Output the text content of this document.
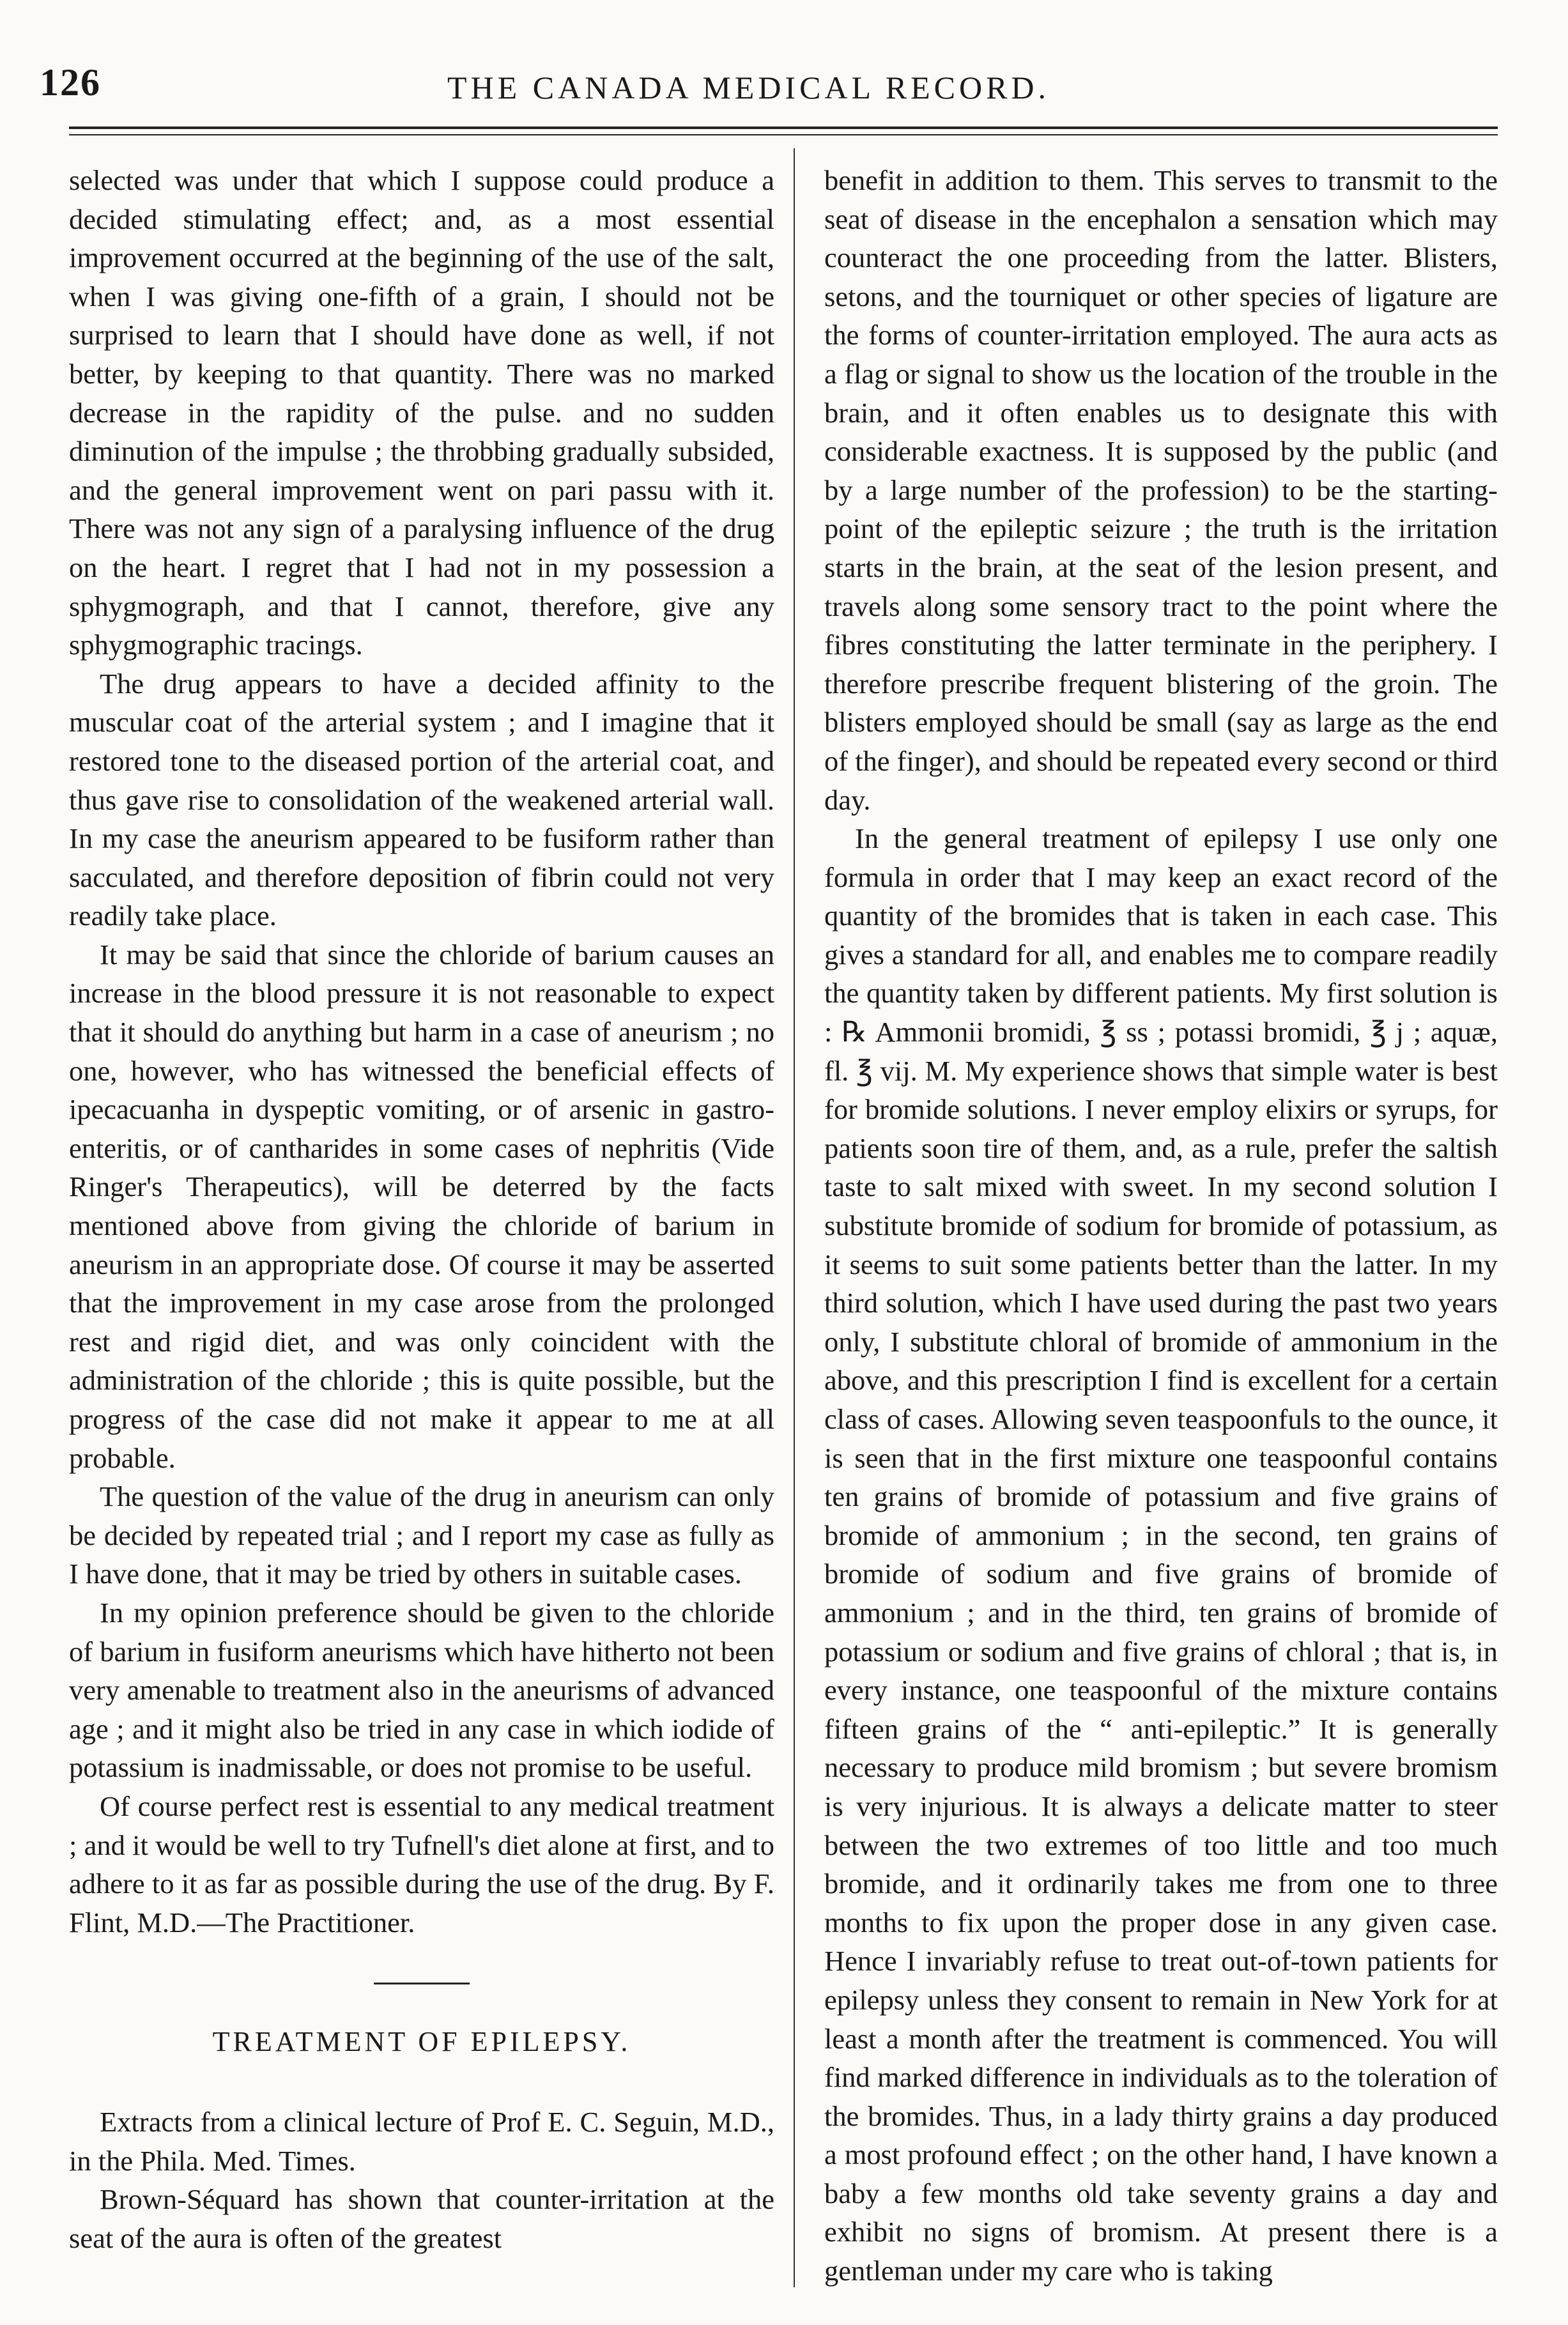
126	THE CANADA MEDICAL RECORD.

selected was under that which I suppose could produce a decided stimulating effect; and, as a most essential improvement occurred at the beginning of the use of the salt, when I was giving one-fifth of a grain, I should not be surprised to learn that I should have done as well, if not better, by keeping to that quantity. There was no marked decrease in the rapidity of the pulse. and no sudden diminution of the impulse ; the throbbing gradually subsided, and the general improvement went on pari passu with it. There was not any sign of a paralysing influence of the drug on the heart. I regret that I had not in my possession a sphygmograph, and that I cannot, therefore, give any sphygmographic tracings.

The drug appears to have a decided affinity to the muscular coat of the arterial system ; and I imagine that it restored tone to the diseased portion of the arterial coat, and thus gave rise to consolidation of the weakened arterial wall. In my case the aneurism appeared to be fusiform rather than sacculated, and therefore deposition of fibrin could not very readily take place.

It may be said that since the chloride of barium causes an increase in the blood pressure it is not reasonable to expect that it should do anything but harm in a case of aneurism ; no one, however, who has witnessed the beneficial effects of ipecacuanha in dyspeptic vomiting, or of arsenic in gastro-enteritis, or of cantharides in some cases of nephritis (Vide Ringer's Therapeutics), will be deterred by the facts mentioned above from giving the chloride of barium in aneurism in an appropriate dose. Of course it may be asserted that the improvement in my case arose from the prolonged rest and rigid diet, and was only coincident with the administration of the chloride ; this is quite possible, but the progress of the case did not make it appear to me at all probable.

The question of the value of the drug in aneurism can only be decided by repeated trial ; and I report my case as fully as I have done, that it may be tried by others in suitable cases.

In my opinion preference should be given to the chloride of barium in fusiform aneurisms which have hitherto not been very amenable to treatment also in the aneurisms of advanced age ; and it might also be tried in any case in which iodide of potassium is inadmissable, or does not promise to be useful.

Of course perfect rest is essential to any medical treatment ; and it would be well to try Tufnell's diet alone at first, and to adhere to it as far as possible during the use of the drug. By F. Flint, M.D.—The Practitioner.

TREATMENT OF EPILEPSY.

Extracts from a clinical lecture of Prof E. C. Seguin, M.D., in the Phila. Med. Times.

Brown-Séquard has shown that counter-irritation at the seat of the aura is often of the greatest

benefit in addition to them. This serves to transmit to the seat of disease in the encephalon a sensation which may counteract the one proceeding from the latter. Blisters, setons, and the tourniquet or other species of ligature are the forms of counter-irritation employed. The aura acts as a flag or signal to show us the location of the trouble in the brain, and it often enables us to designate this with considerable exactness. It is supposed by the public (and by a large number of the profession) to be the starting-point of the epileptic seizure ; the truth is the irritation starts in the brain, at the seat of the lesion present, and travels along some sensory tract to the point where the fibres constituting the latter terminate in the periphery. I therefore prescribe frequent blistering of the groin. The blisters employed should be small (say as large as the end of the finger), and should be repeated every second or third day.

In the general treatment of epilepsy I use only one formula in order that I may keep an exact record of the quantity of the bromides that is taken in each case. This gives a standard for all, and enables me to compare readily the quantity taken by different patients. My first solution is : ℞ Ammonii bromidi, ℥ ss ; potassi bromidi, ℥ j ; aquæ, fl. ℥ vij. M. My experience shows that simple water is best for bromide solutions. I never employ elixirs or syrups, for patients soon tire of them, and, as a rule, prefer the saltish taste to salt mixed with sweet. In my second solution I substitute bromide of sodium for bromide of potassium, as it seems to suit some patients better than the latter. In my third solution, which I have used during the past two years only, I substitute chloral of bromide of ammonium in the above, and this prescription I find is excellent for a certain class of cases. Allowing seven teaspoonfuls to the ounce, it is seen that in the first mixture one teaspoonful contains ten grains of bromide of potassium and five grains of bromide of ammonium ; in the second, ten grains of bromide of sodium and five grains of bromide of ammonium ; and in the third, ten grains of bromide of potassium or sodium and five grains of chloral ; that is, in every instance, one teaspoonful of the mixture contains fifteen grains of the “ anti-epileptic.” It is generally necessary to produce mild bromism ; but severe bromism is very injurious. It is always a delicate matter to steer between the two extremes of too little and too much bromide, and it ordinarily takes me from one to three months to fix upon the proper dose in any given case. Hence I invariably refuse to treat out-of-town patients for epilepsy unless they consent to remain in New York for at least a month after the treatment is commenced. You will find marked difference in individuals as to the toleration of the bromides. Thus, in a lady thirty grains a day produced a most profound effect ; on the other hand, I have known a baby a few months old take seventy grains a day and exhibit no signs of bromism. At present there is a gentleman under my care who is taking
